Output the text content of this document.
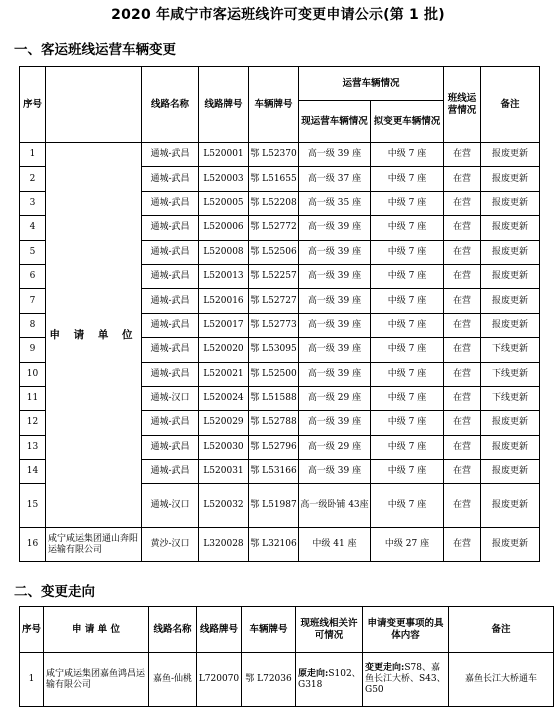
2020 年咸宁市客运班线许可变更申请公示(第 1 批)
一、客运班线运营车辆变更
序号		线路名称	线路牌号	车辆牌号	运营车辆情况		班线运营情况	备注
					现运营车辆情况	拟变更车辆情况		
1	申 请 单 位	通城-武昌	L520001	鄂 L52370	高一级 39 座	中级 7 座	在营	报废更新
2		通城-武昌	L520003	鄂 L51655	高一级 37 座	中级 7 座	在营	报废更新
3		通城-武昌	L520005	鄂 L52208	高一级 35 座	中级 7 座	在营	报废更新
4		通城-武昌	L520006	鄂 L52772	高一级 39 座	中级 7 座	在营	报废更新
5		通城-武昌	L520008	鄂 L52506	高一级 39 座	中级 7 座	在营	报废更新
6		通城-武昌	L520013	鄂 L52257	高一级 39 座	中级 7 座	在营	报废更新
7		通城-武昌	L520016	鄂 L52727	高一级 39 座	中级 7 座	在营	报废更新
8		通城-武昌	L520017	鄂 L52773	高一级 39 座	中级 7 座	在营	报废更新
9		通城-武昌	L520020	鄂 L53095	高一级 39 座	中级 7 座	在营	下线更新
10		通城-武昌	L520021	鄂 L52500	高一级 39 座	中级 7 座	在营	下线更新
11		通城-汉口	L520024	鄂 L51588	高一级 29 座	中级 7 座	在营	下线更新
12		通城-武昌	L520029	鄂 L52788	高一级 39 座	中级 7 座	在营	报废更新
13		通城-武昌	L520030	鄂 L52796	高一级 29 座	中级 7 座	在营	报废更新
14		通城-武昌	L520031	鄂 L53166	高一级 39 座	中级 7 座	在营	报废更新
15		通城-汉口	L520032	鄂 L51987	高一级卧铺 43座	中级 7 座	在营	报废更新
16	咸宁咸运集团通山奔阳运输有限公司	黄沙-汉口	L320028	鄂 L32106	中级 41 座	中级 27 座	在营	报废更新
二、变更走向
序号	申 请 单 位	线路名称	线路牌号	车辆牌号	现班线相关许可情况	申请变更事项的具体内容	备注
1	咸宁咸运集团嘉鱼鸿昌运输有限公司	嘉鱼-仙桃	L720070	鄂 L72036	原走向:S102、G318	变更走向:S78、嘉鱼长江大桥、S43、G50	嘉鱼长江大桥通车
